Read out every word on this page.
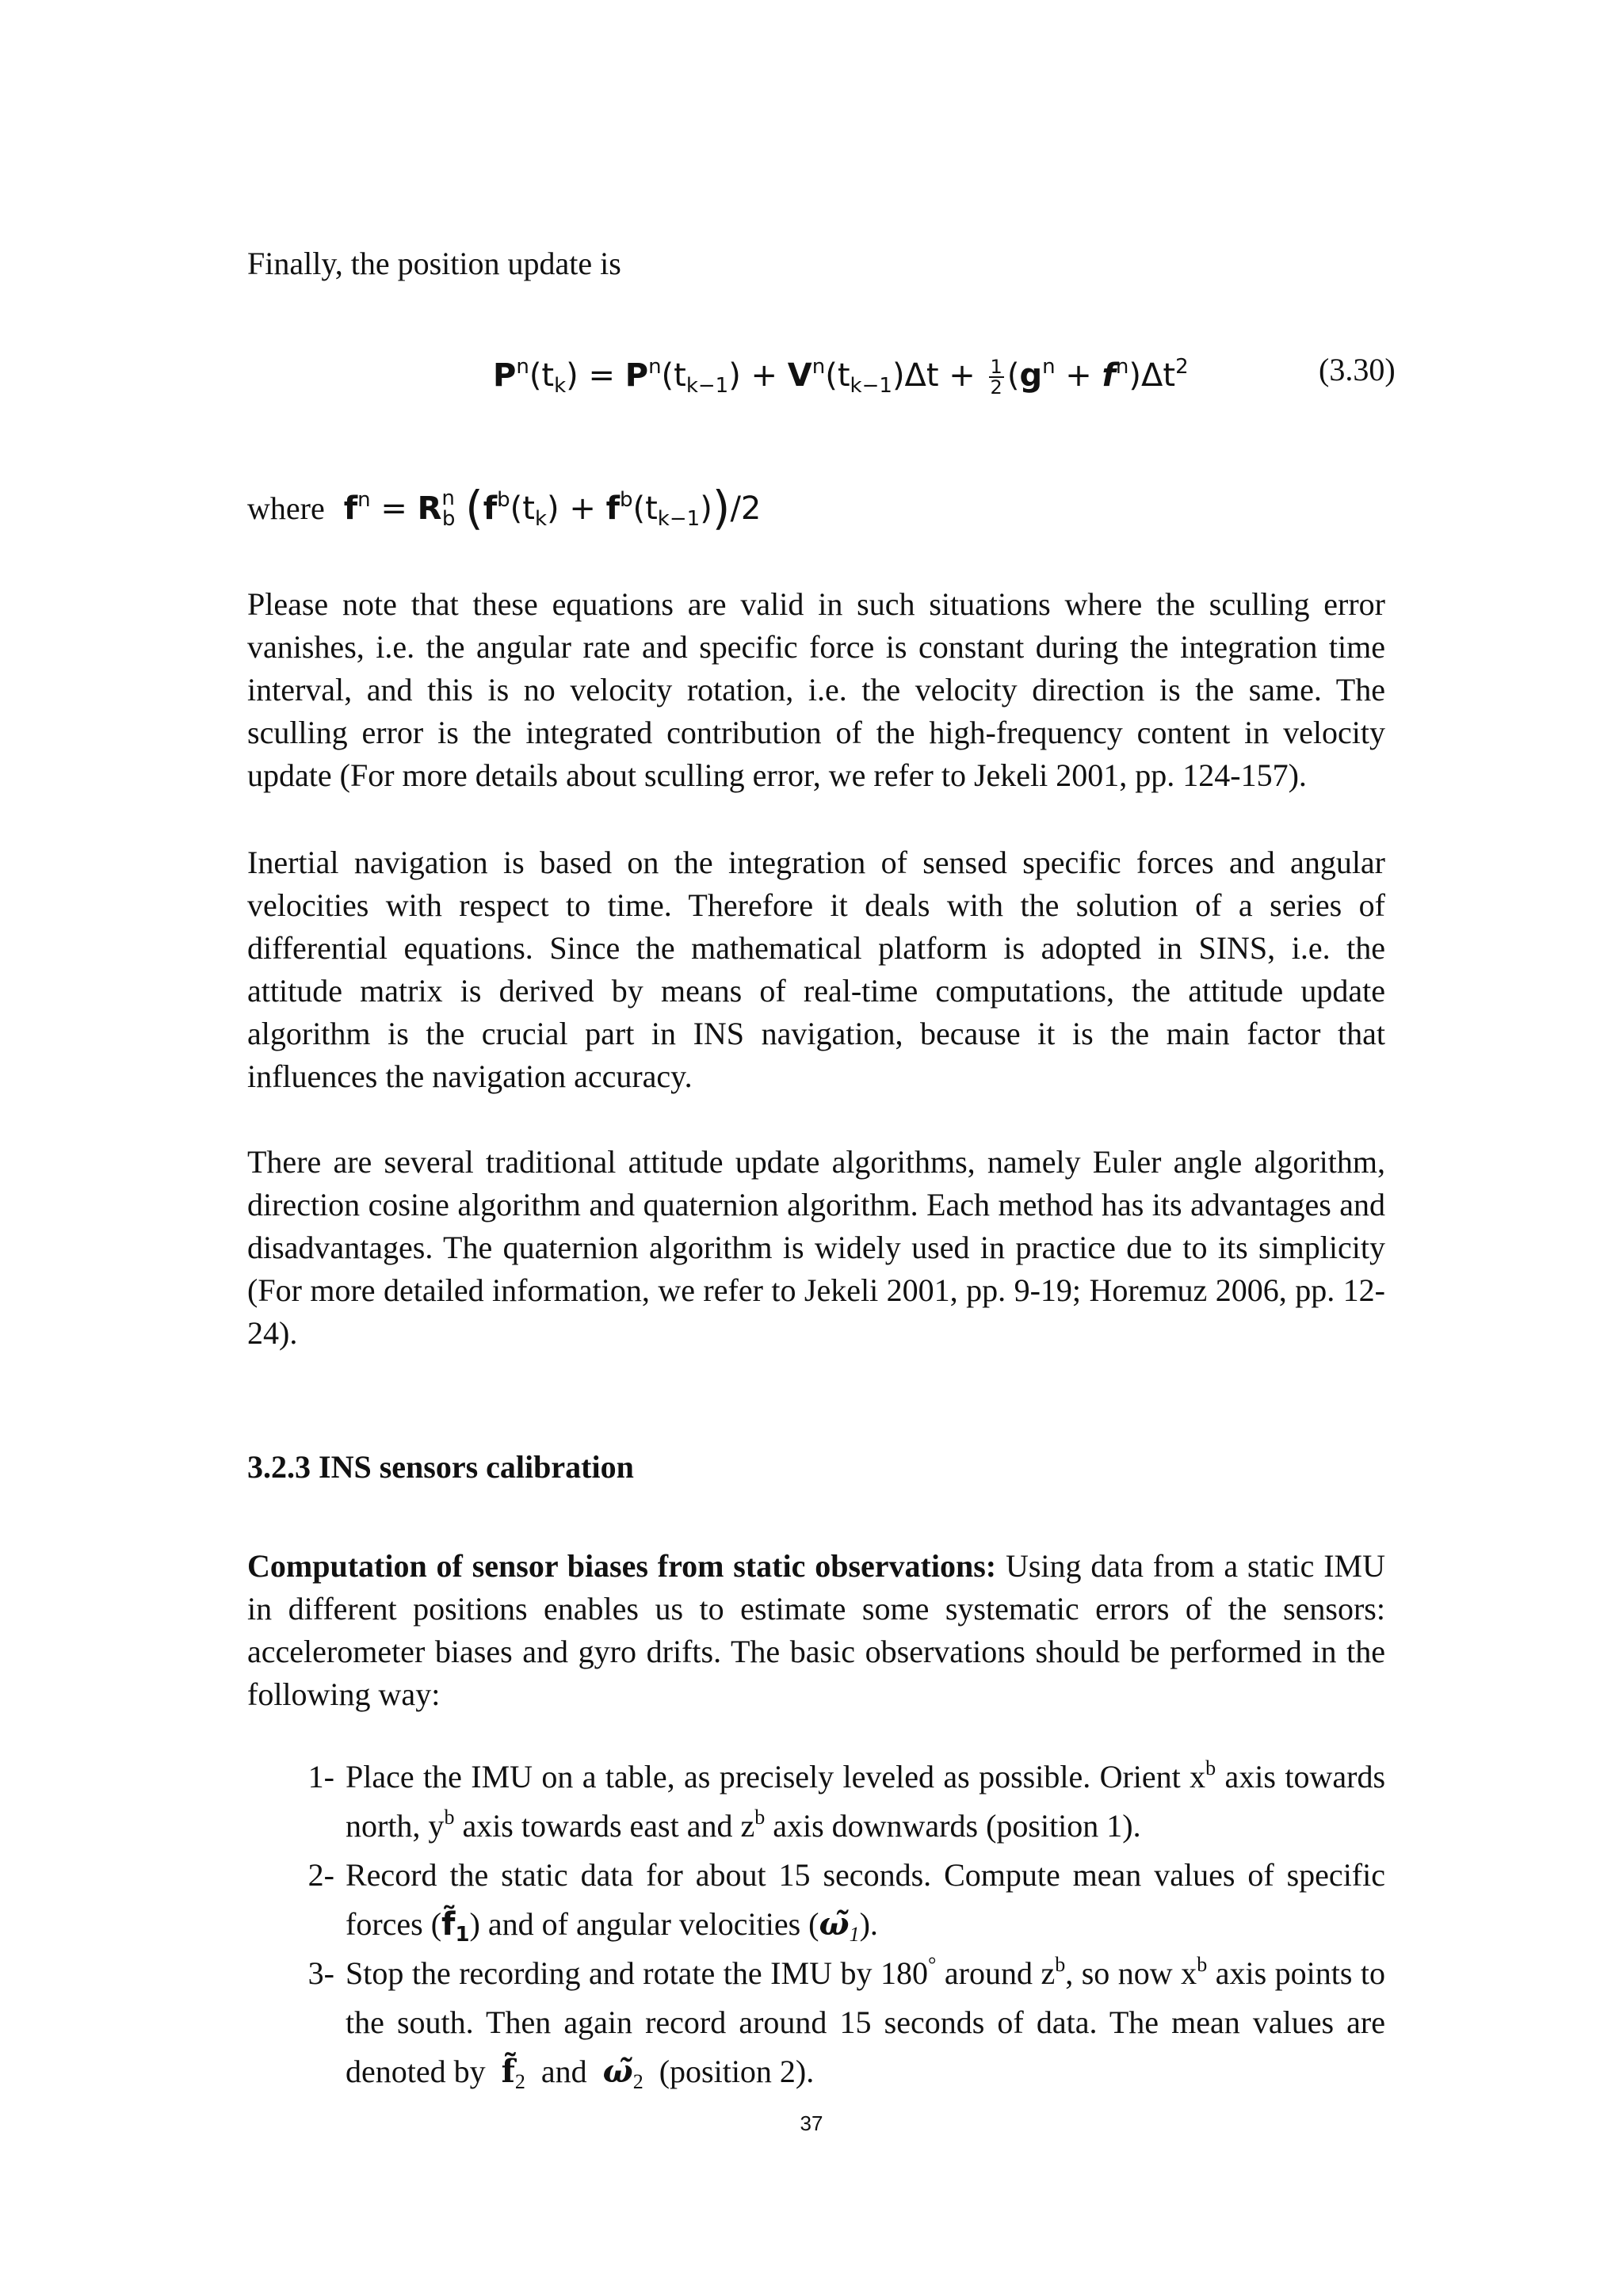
Finally, the position update is
$P^n(t_k) = P^n(t_{k-1}) + V^n(t_{k-1})\Delta t + \frac{1}{2} (g^n + f^n)\Delta t^2$	(3.30)
where $f^n = R^n_b$ $(f^b(t_k) + f^b(t_{k-1}))/2$
Please note that these equations are valid in such situations where the sculling error vanishes, i.e. the angular rate and specific force is constant during the integration time interval, and this is no velocity rotation, i.e. the velocity direction is the same. The sculling error is the integrated contribution of the high-frequency content in velocity update (For more details about sculling error, we refer to Jekeli 2001, pp. 124-157).
Inertial navigation is based on the integration of sensed specific forces and angular velocities with respect to time. Therefore it deals with the solution of a series of differential equations. Since the mathematical platform is adopted in SINS, i.e. the attitude matrix is derived by means of real-time computations, the attitude update algorithm is the crucial part in INS navigation, because it is the main factor that influences the navigation accuracy.
There are several traditional attitude update algorithms, namely Euler angle algorithm, direction cosine algorithm and quaternion algorithm. Each method has its advantages and disadvantages. The quaternion algorithm is widely used in practice due to its simplicity (For more detailed information, we refer to Jekeli 2001, pp. 9-19; Horemuz 2006, pp. 12-24).
3.2.3 INS sensors calibration
Computation of sensor biases from static observations: Using data from a static IMU in different positions enables us to estimate some systematic errors of the sensors: accelerometer biases and gyro drifts. The basic observations should be performed in the following way:
1- Place the IMU on a table, as precisely leveled as possible. Orient $x^b$ axis towards north, $y^b$ axis towards east and $z^b$ axis downwards (position 1).
2- Record the static data for about 15 seconds. Compute mean values of specific forces $(f̃_1)$ and of angular velocities $(\omegã_1)$.
3- Stop the recording and rotate the IMU by 180° around $z^b$, so now $x^b$ axis points to the south. Then again record around 15 seconds of data. The mean values are denoted by $f̃_2$ and $\omegã_2$ (position 2).
37
